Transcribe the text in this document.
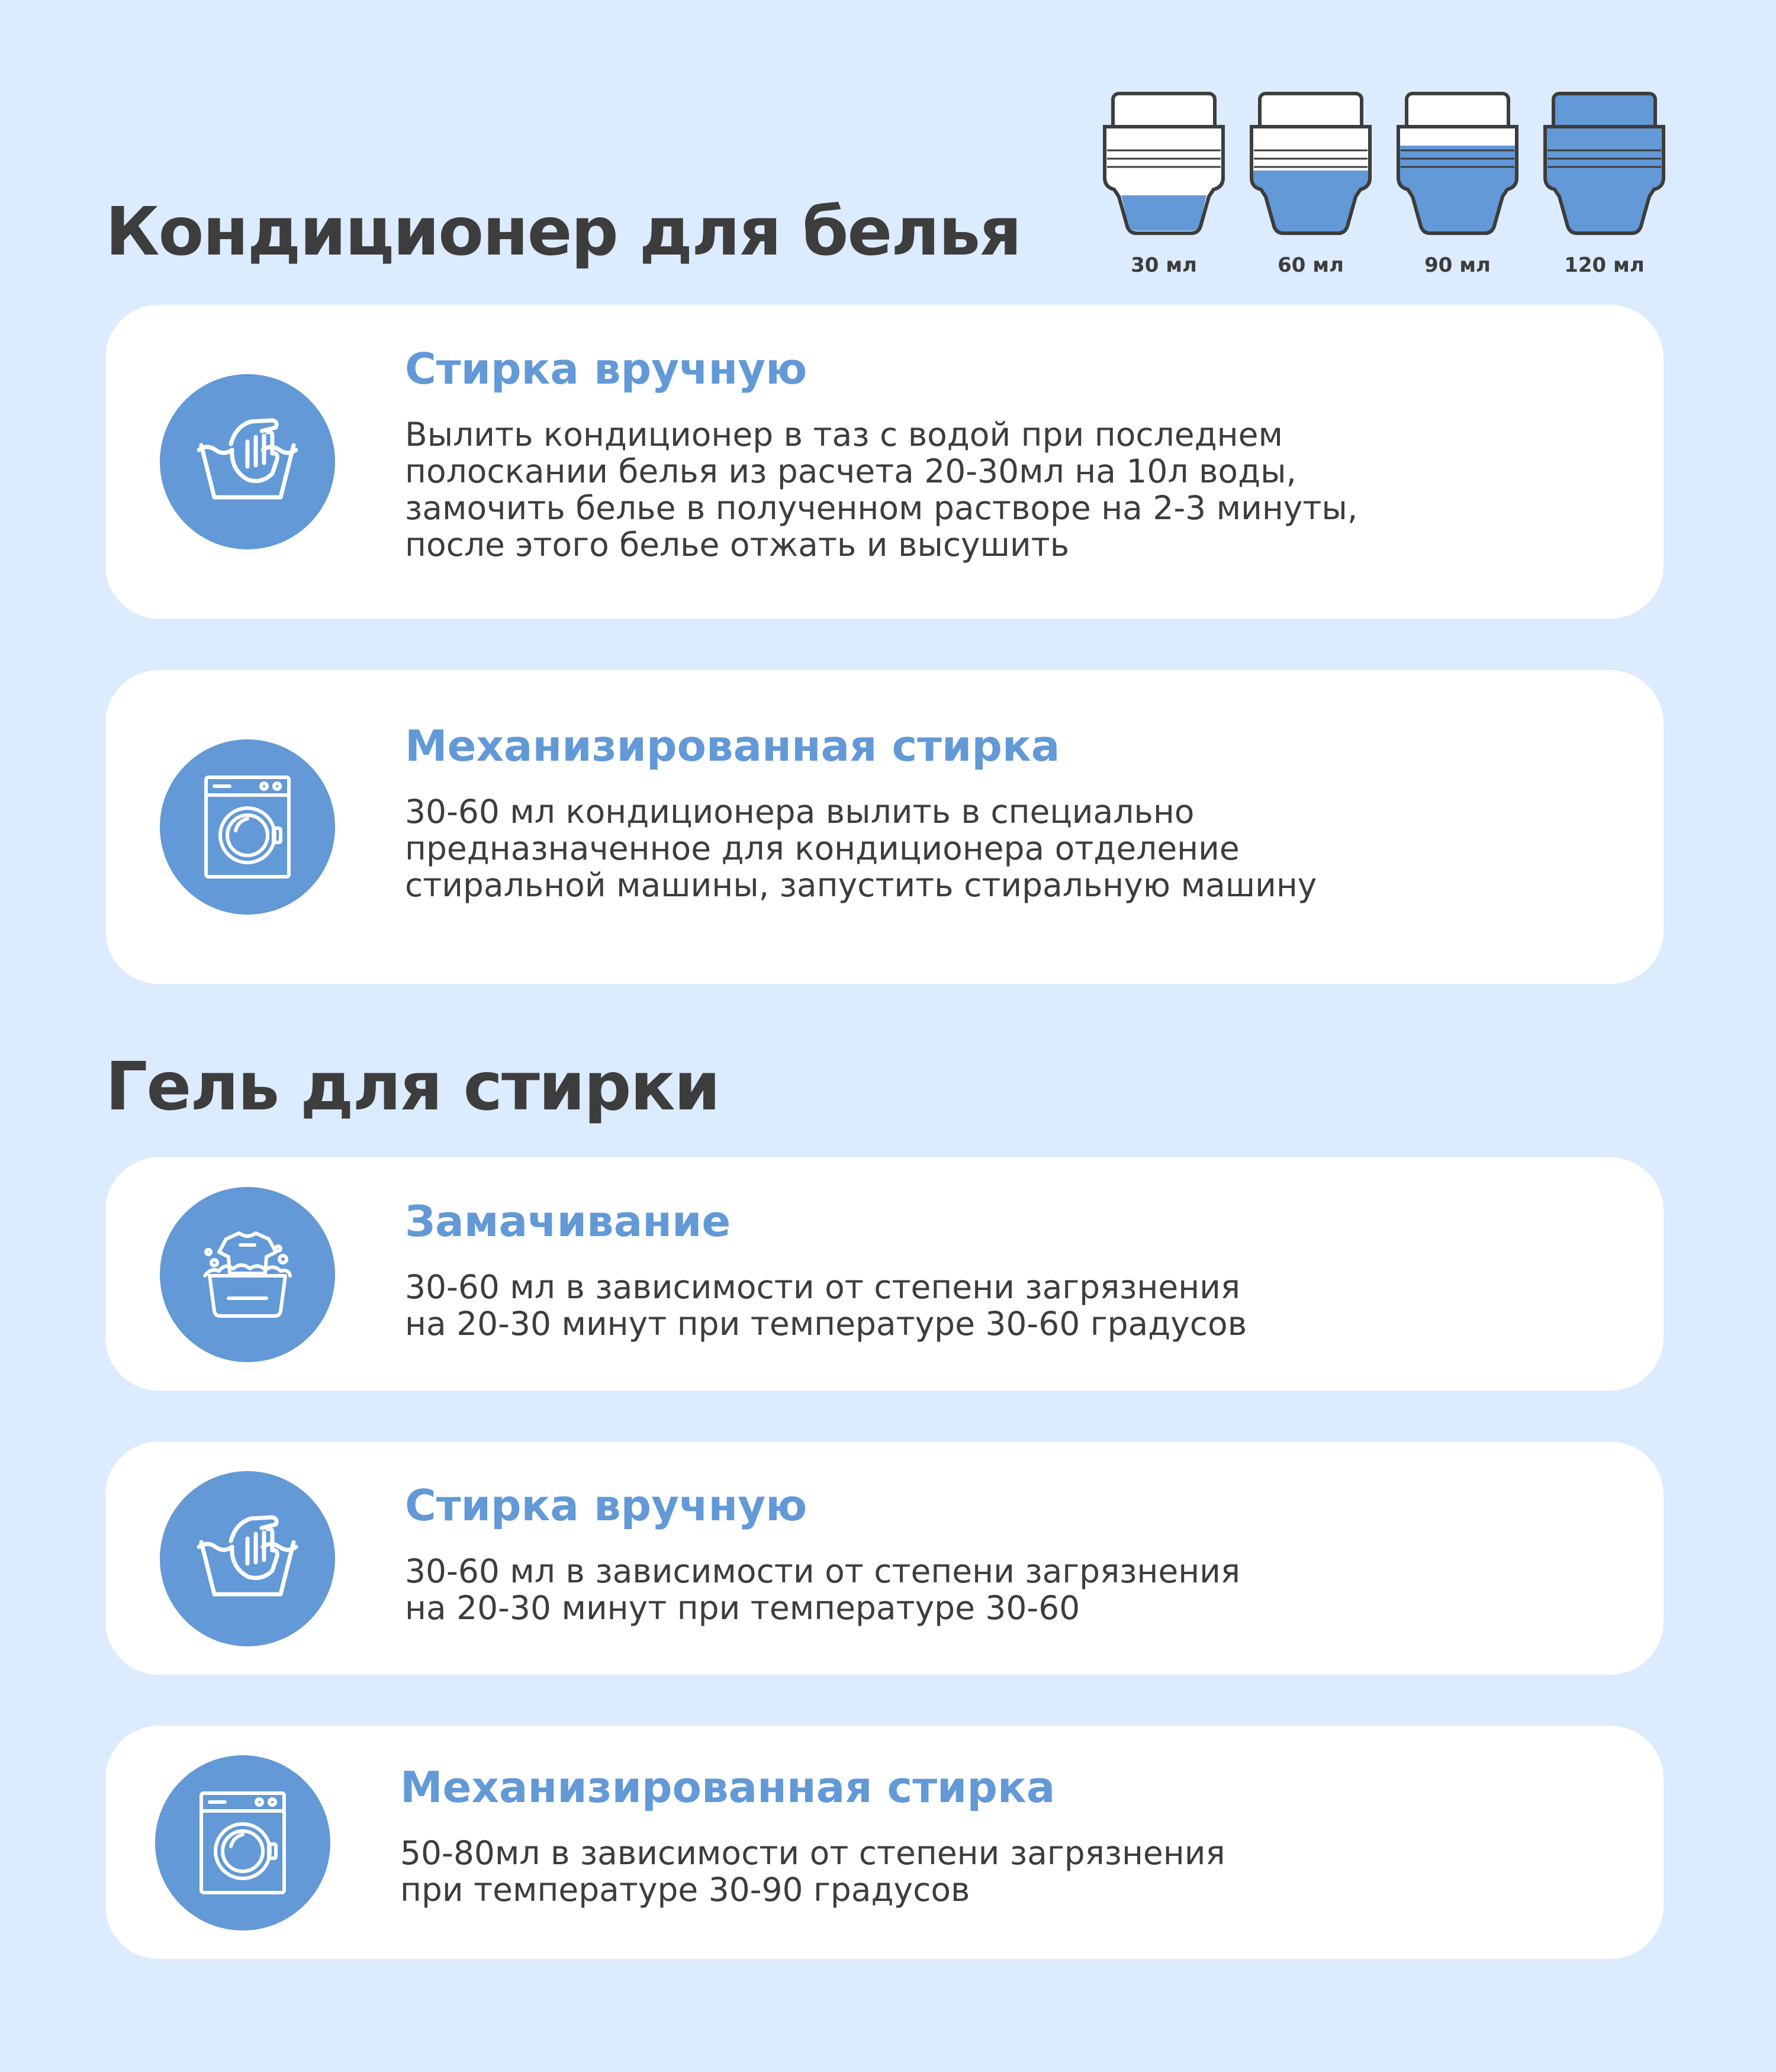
Кондиционер для белья	30 мл	60 мл	90 мл	120 мл
Стирка вручную

Вылить кондиционер в таз с водой при последнем
полоскании белья из расчета 20-30мл на 10л воды,
замочить белье в полученном растворе на 2-3 минуты,
после этого белье отжать и высушить

Механизированная стирка

30-60 мл кондиционера вылить в специально
предназначенное для кондиционера отделение
стиральной машины, запустить стиральную машину

Гель для стирки
Замачивание

30-60 мл в зависимости от степени загрязнения
на 20-30 минут при температуре 30-60 градусов

Стирка вручную

30-60 мл в зависимости от степени загрязнения
на 20-30 минут при температуре 30-60

Механизированная стирка

50-80мл в зависимости от степени загрязнения
при температуре 30-90 градусов
